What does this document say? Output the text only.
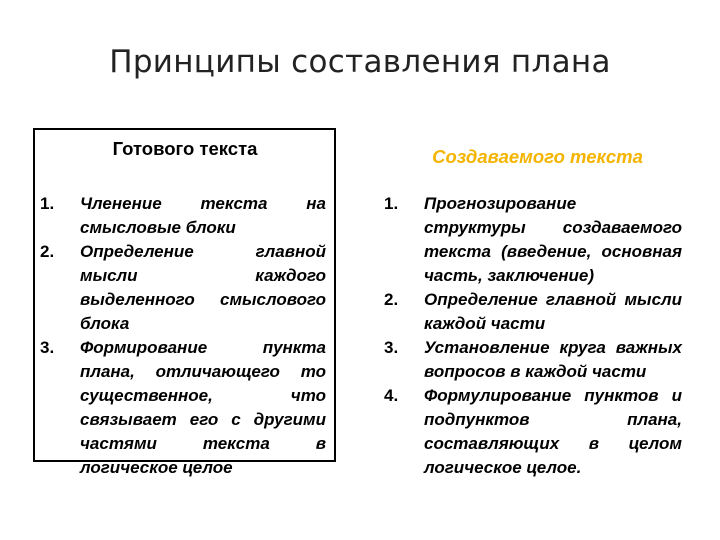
Принципы составления плана
Готового текста	Создаваемого текста
1. Членение текста на смысловые блоки
2. Определение главной мысли каждого выделенного смыслового блока
3. Формирование пункта плана, отличающего то существенное, что связывает его с другими частями текста в логическое целое
1. Прогнозирование структуры создаваемого текста (введение, основная часть, заключение)
2. Определение главной мысли каждой части
3. Установление круга важных вопросов в каждой части
4. Формулирование пунктов и подпунктов плана, составляющих в целом логическое целое.
